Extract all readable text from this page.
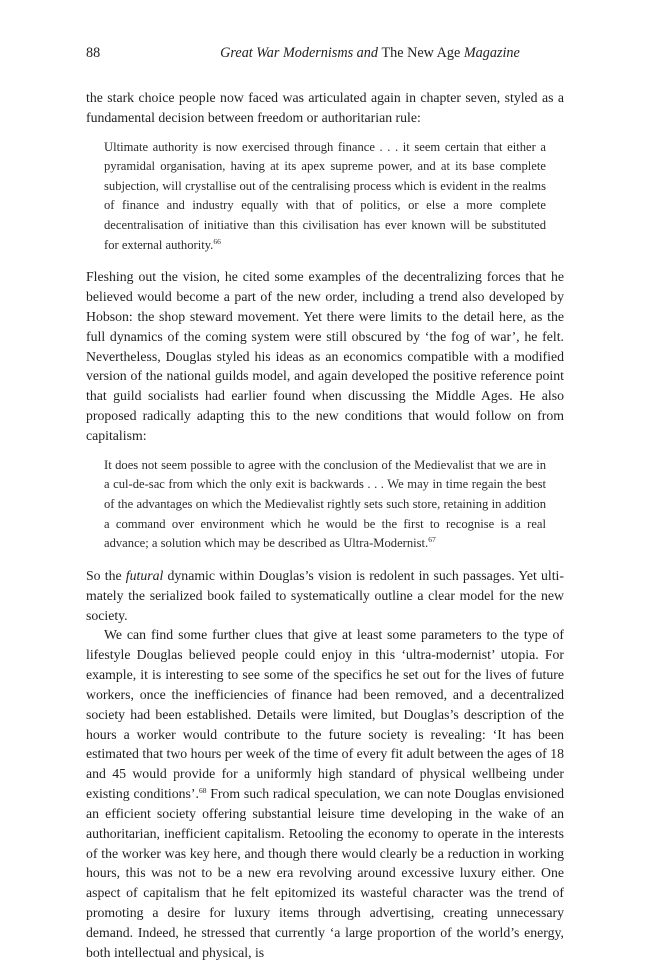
88	Great War Modernisms and The New Age Magazine

the stark choice people now faced was articulated again in chapter seven, styled as a fundamental decision between freedom or authoritarian rule:

Ultimate authority is now exercised through finance . . . it seem certain that either a pyramidal organisation, having at its apex supreme power, and at its base complete subjection, will crystallise out of the centralising process which is evident in the realms of finance and industry equally with that of politics, or else a more complete decentralisation of initiative than this civilisation has ever known will be substituted for external authority.$^{66}$

Fleshing out the vision, he cited some examples of the decentralizing forces that he believed would become a part of the new order, including a trend also developed by Hobson: the shop steward movement. Yet there were limits to the detail here, as the full dynamics of the coming system were still obscured by ‘the fog of war’, he felt. Nevertheless, Douglas styled his ideas as an economics compatible with a modified version of the national guilds model, and again developed the positive reference point that guild socialists had earlier found when discussing the Middle Ages. He also proposed radically adapting this to the new conditions that would follow on from capitalism:

It does not seem possible to agree with the conclusion of the Medievalist that we are in a cul-de-sac from which the only exit is backwards . . . We may in time regain the best of the advantages on which the Medievalist rightly sets such store, retaining in addition a command over environment which he would be the first to recognise is a real advance; a solution which may be described as Ultra-Modernist.$^{67}$

So the futural dynamic within Douglas’s vision is redolent in such passages. Yet ultimately the serialized book failed to systematically outline a clear model for the new society.

We can find some further clues that give at least some parameters to the type of lifestyle Douglas believed people could enjoy in this ‘ultra-modernist’ utopia. For example, it is interesting to see some of the specifics he set out for the lives of future workers, once the inefficiencies of finance had been removed, and a decentralized society had been established. Details were limited, but Douglas’s description of the hours a worker would contribute to the future society is revealing: ‘It has been estimated that two hours per week of the time of every fit adult between the ages of 18 and 45 would provide for a uniformly high standard of physical wellbeing under existing conditions’.$^{68}$ From such radical speculation, we can note Douglas envisioned an efficient society offering substantial leisure time developing in the wake of an authoritarian, inefficient capitalism. Retooling the economy to operate in the interests of the worker was key here, and though there would clearly be a reduction in working hours, this was not to be a new era revolving around excessive luxury either. One aspect of capitalism that he felt epitomized its wasteful character was the trend of promoting a desire for luxury items through advertising, creating unnecessary demand. Indeed, he stressed that currently ‘a large proportion of the world’s energy, both intellectual and physical, is
